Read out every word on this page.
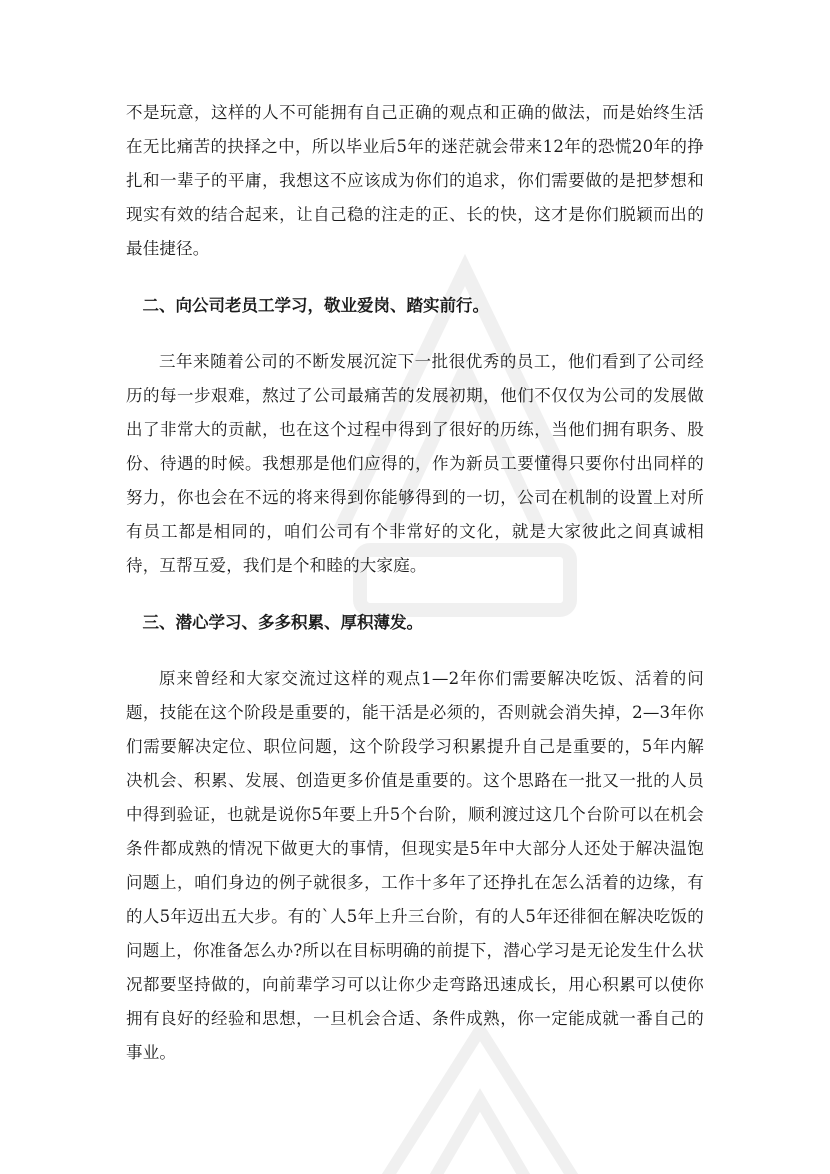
不是玩意，这样的人不可能拥有自己正确的观点和正确的做法，而是始终生活在无比痛苦的抉择之中，所以毕业后5年的迷茫就会带来12年的恐慌20年的挣扎和一辈子的平庸，我想这不应该成为你们的追求，你们需要做的是把梦想和现实有效的结合起来，让自己稳的注走的正、长的快，这才是你们脱颖而出的最佳捷径。

二、向公司老员工学习，敬业爱岗、踏实前行。

三年来随着公司的不断发展沉淀下一批很优秀的员工，他们看到了公司经历的每一步艰难，熬过了公司最痛苦的发展初期，他们不仅仅为公司的发展做出了非常大的贡献，也在这个过程中得到了很好的历练，当他们拥有职务、股份、待遇的时候。我想那是他们应得的，作为新员工要懂得只要你付出同样的努力，你也会在不远的将来得到你能够得到的一切，公司在机制的设置上对所有员工都是相同的，咱们公司有个非常好的文化，就是大家彼此之间真诚相待，互帮互爱，我们是个和睦的大家庭。

三、潜心学习、多多积累、厚积薄发。

原来曾经和大家交流过这样的观点1—2年你们需要解决吃饭、活着的问题，技能在这个阶段是重要的，能干活是必须的，否则就会消失掉，2—3年你们需要解决定位、职位问题，这个阶段学习积累提升自己是重要的，5年内解决机会、积累、发展、创造更多价值是重要的。这个思路在一批又一批的人员中得到验证，也就是说你5年要上升5个台阶，顺利渡过这几个台阶可以在机会条件都成熟的情况下做更大的事情，但现实是5年中大部分人还处于解决温饱问题上，咱们身边的例子就很多，工作十多年了还挣扎在怎么活着的边缘，有的人5年迈出五大步。有的`人5年上升三台阶，有的人5年还徘徊在解决吃饭的问题上，你准备怎么办?所以在目标明确的前提下，潜心学习是无论发生什么状况都要坚持做的，向前辈学习可以让你少走弯路迅速成长，用心积累可以使你拥有良好的经验和思想，一旦机会合适、条件成熟，你一定能成就一番自己的事业。
